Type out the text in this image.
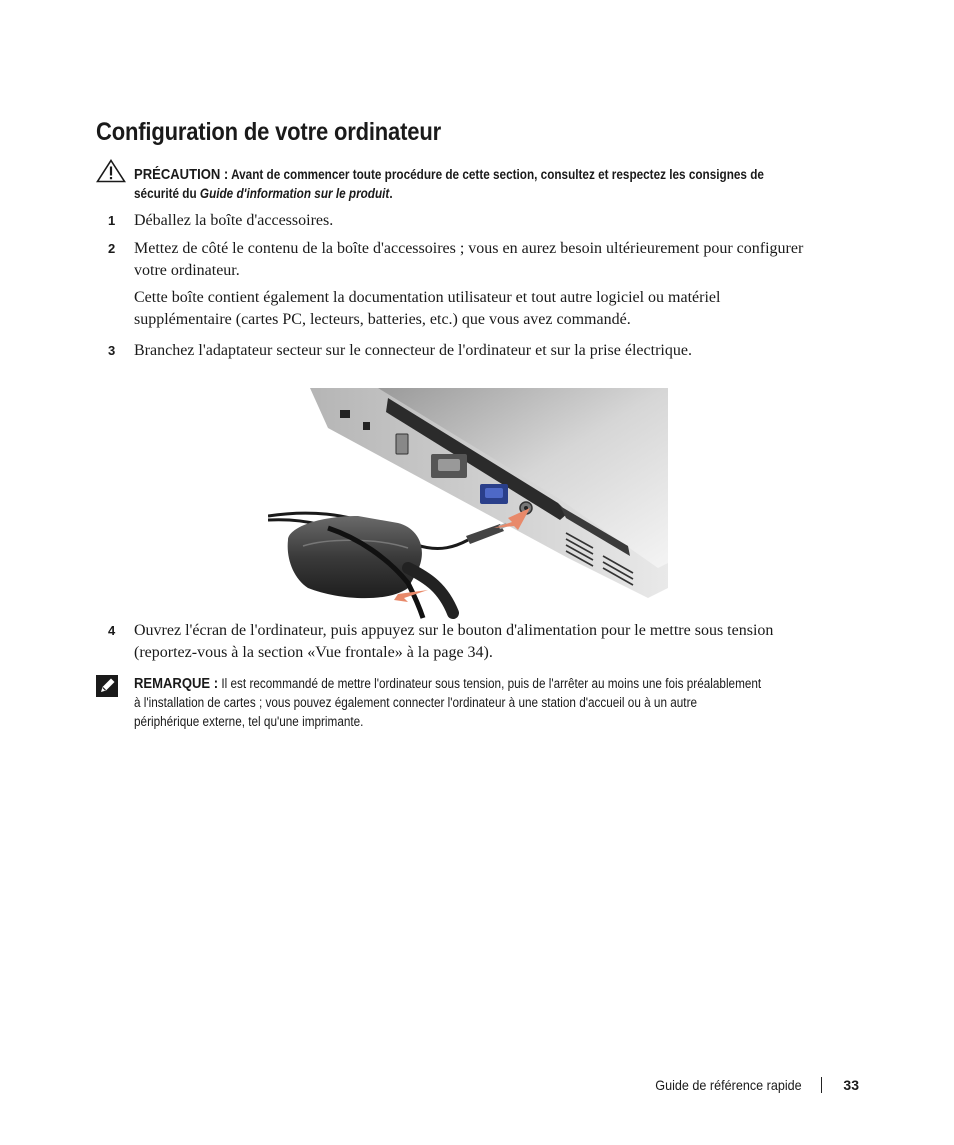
Configuration de votre ordinateur
PRÉCAUTION : Avant de commencer toute procédure de cette section, consultez et respectez les consignes de
sécurité du Guide d'information sur le produit.
1 Déballez la boîte d'accessoires.
2 Mettez de côté le contenu de la boîte d'accessoires ; vous en aurez besoin ultérieurement pour configurer
votre ordinateur.
Cette boîte contient également la documentation utilisateur et tout autre logiciel ou matériel
supplémentaire (cartes PC, lecteurs, batteries, etc.) que vous avez commandé.
3 Branchez l'adaptateur secteur sur le connecteur de l'ordinateur et sur la prise électrique.
4 Ouvrez l'écran de l'ordinateur, puis appuyez sur le bouton d'alimentation pour le mettre sous tension
(reportez-vous à la section «Vue frontale» à la page 34).
REMARQUE : Il est recommandé de mettre l'ordinateur sous tension, puis de l'arrêter au moins une fois préalablement
à l'installation de cartes ; vous pouvez également connecter l'ordinateur à une station d'accueil ou à un autre
périphérique externe, tel qu'une imprimante.
Guide de référence rapide	33
